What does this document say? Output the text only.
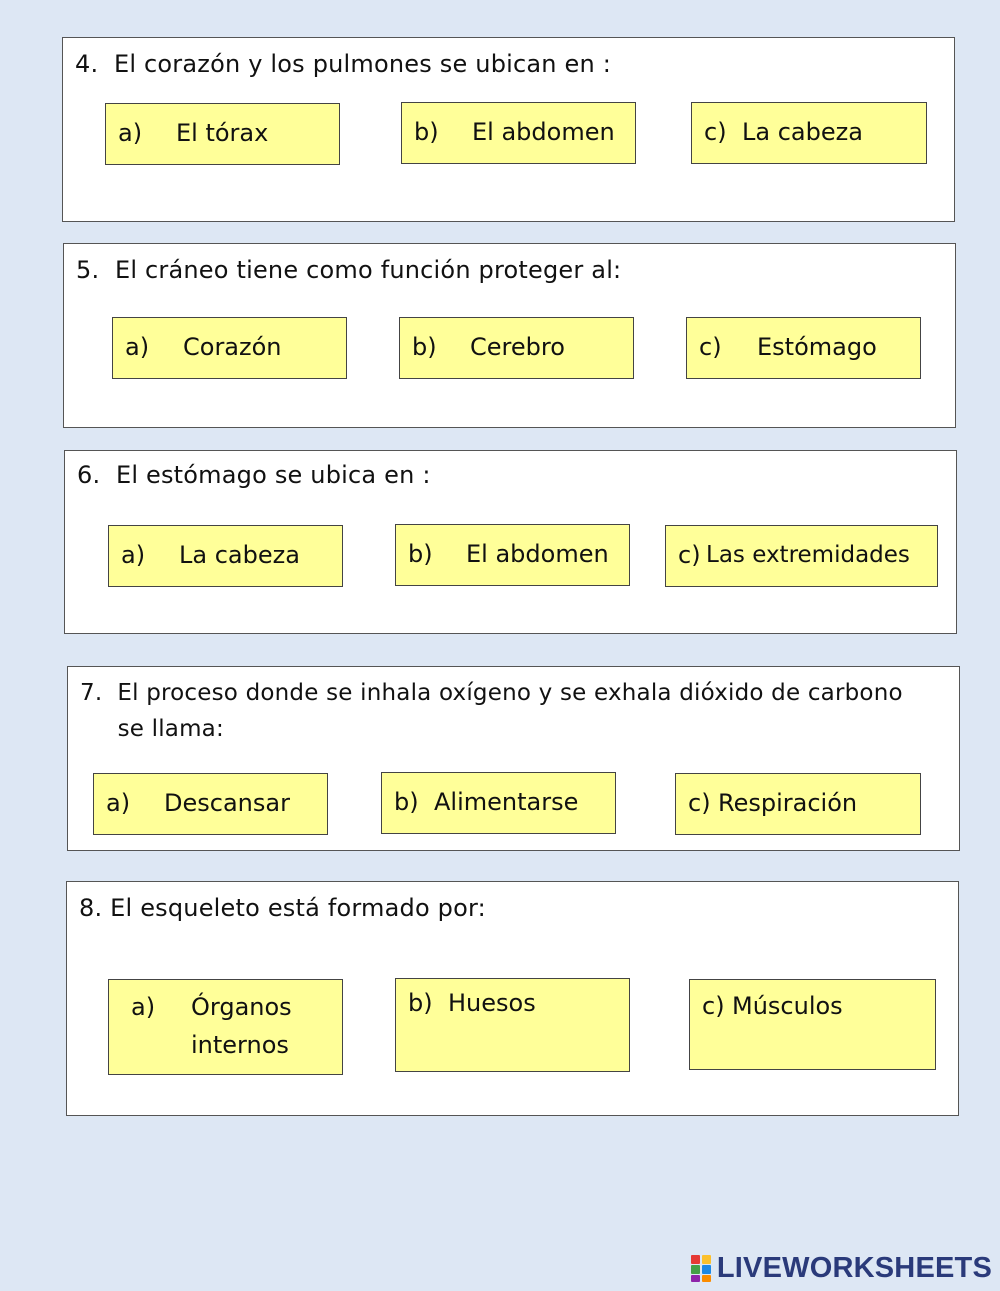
4.  El corazón y los pulmones se ubican en :
a) El tórax	b) El abdomen	c) La cabeza
5.  El cráneo tiene como función proteger al:
a) Corazón	b) Cerebro	c) Estómago
6.  El estómago se ubica en :
a) La cabeza	b) El abdomen	c) Las extremidades
7.  El proceso donde se inhala oxígeno y se exhala dióxido de carbono
se llama:
a) Descansar	b) Alimentarse	c) Respiración
8. El esqueleto está formado por:
a) Órganos
internos
b) Huesos	c) Músculos
LIVEWORKSHEETS
